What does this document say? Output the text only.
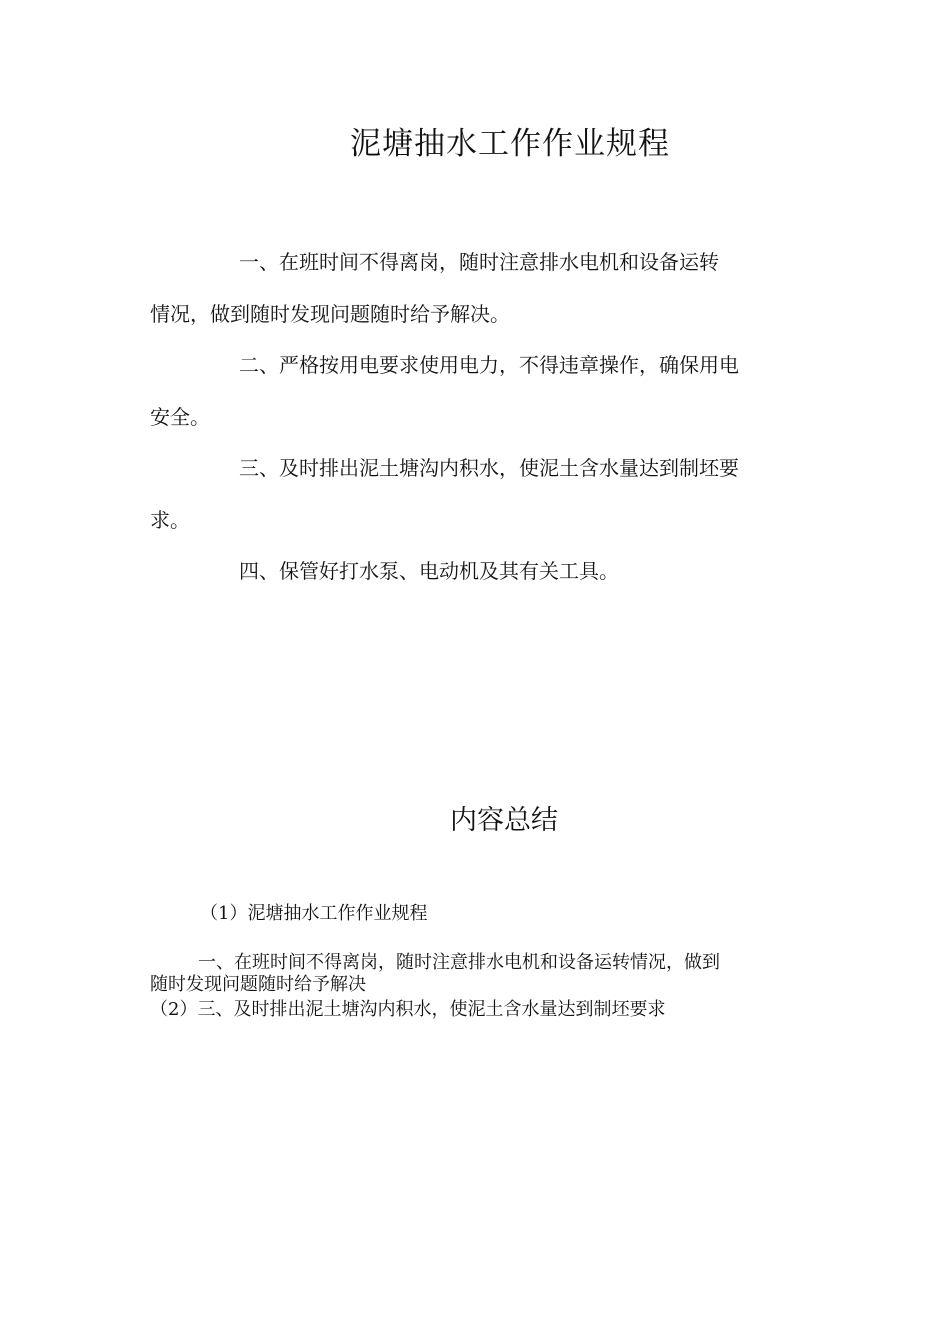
泥塘抽水工作作业规程
一、在班时间不得离岗，随时注意排水电机和设备运转
情况，做到随时发现问题随时给予解决。
二、严格按用电要求使用电力，不得违章操作，确保用电
安全。
三、及时排出泥土塘沟内积水，使泥土含水量达到制坯要
求。
四、保管好打水泵、电动机及其有关工具。
内容总结
（1）泥塘抽水工作作业规程
一、在班时间不得离岗，随时注意排水电机和设备运转情况，做到
随时发现问题随时给予解决
（2）三、及时排出泥土塘沟内积水，使泥土含水量达到制坯要求
